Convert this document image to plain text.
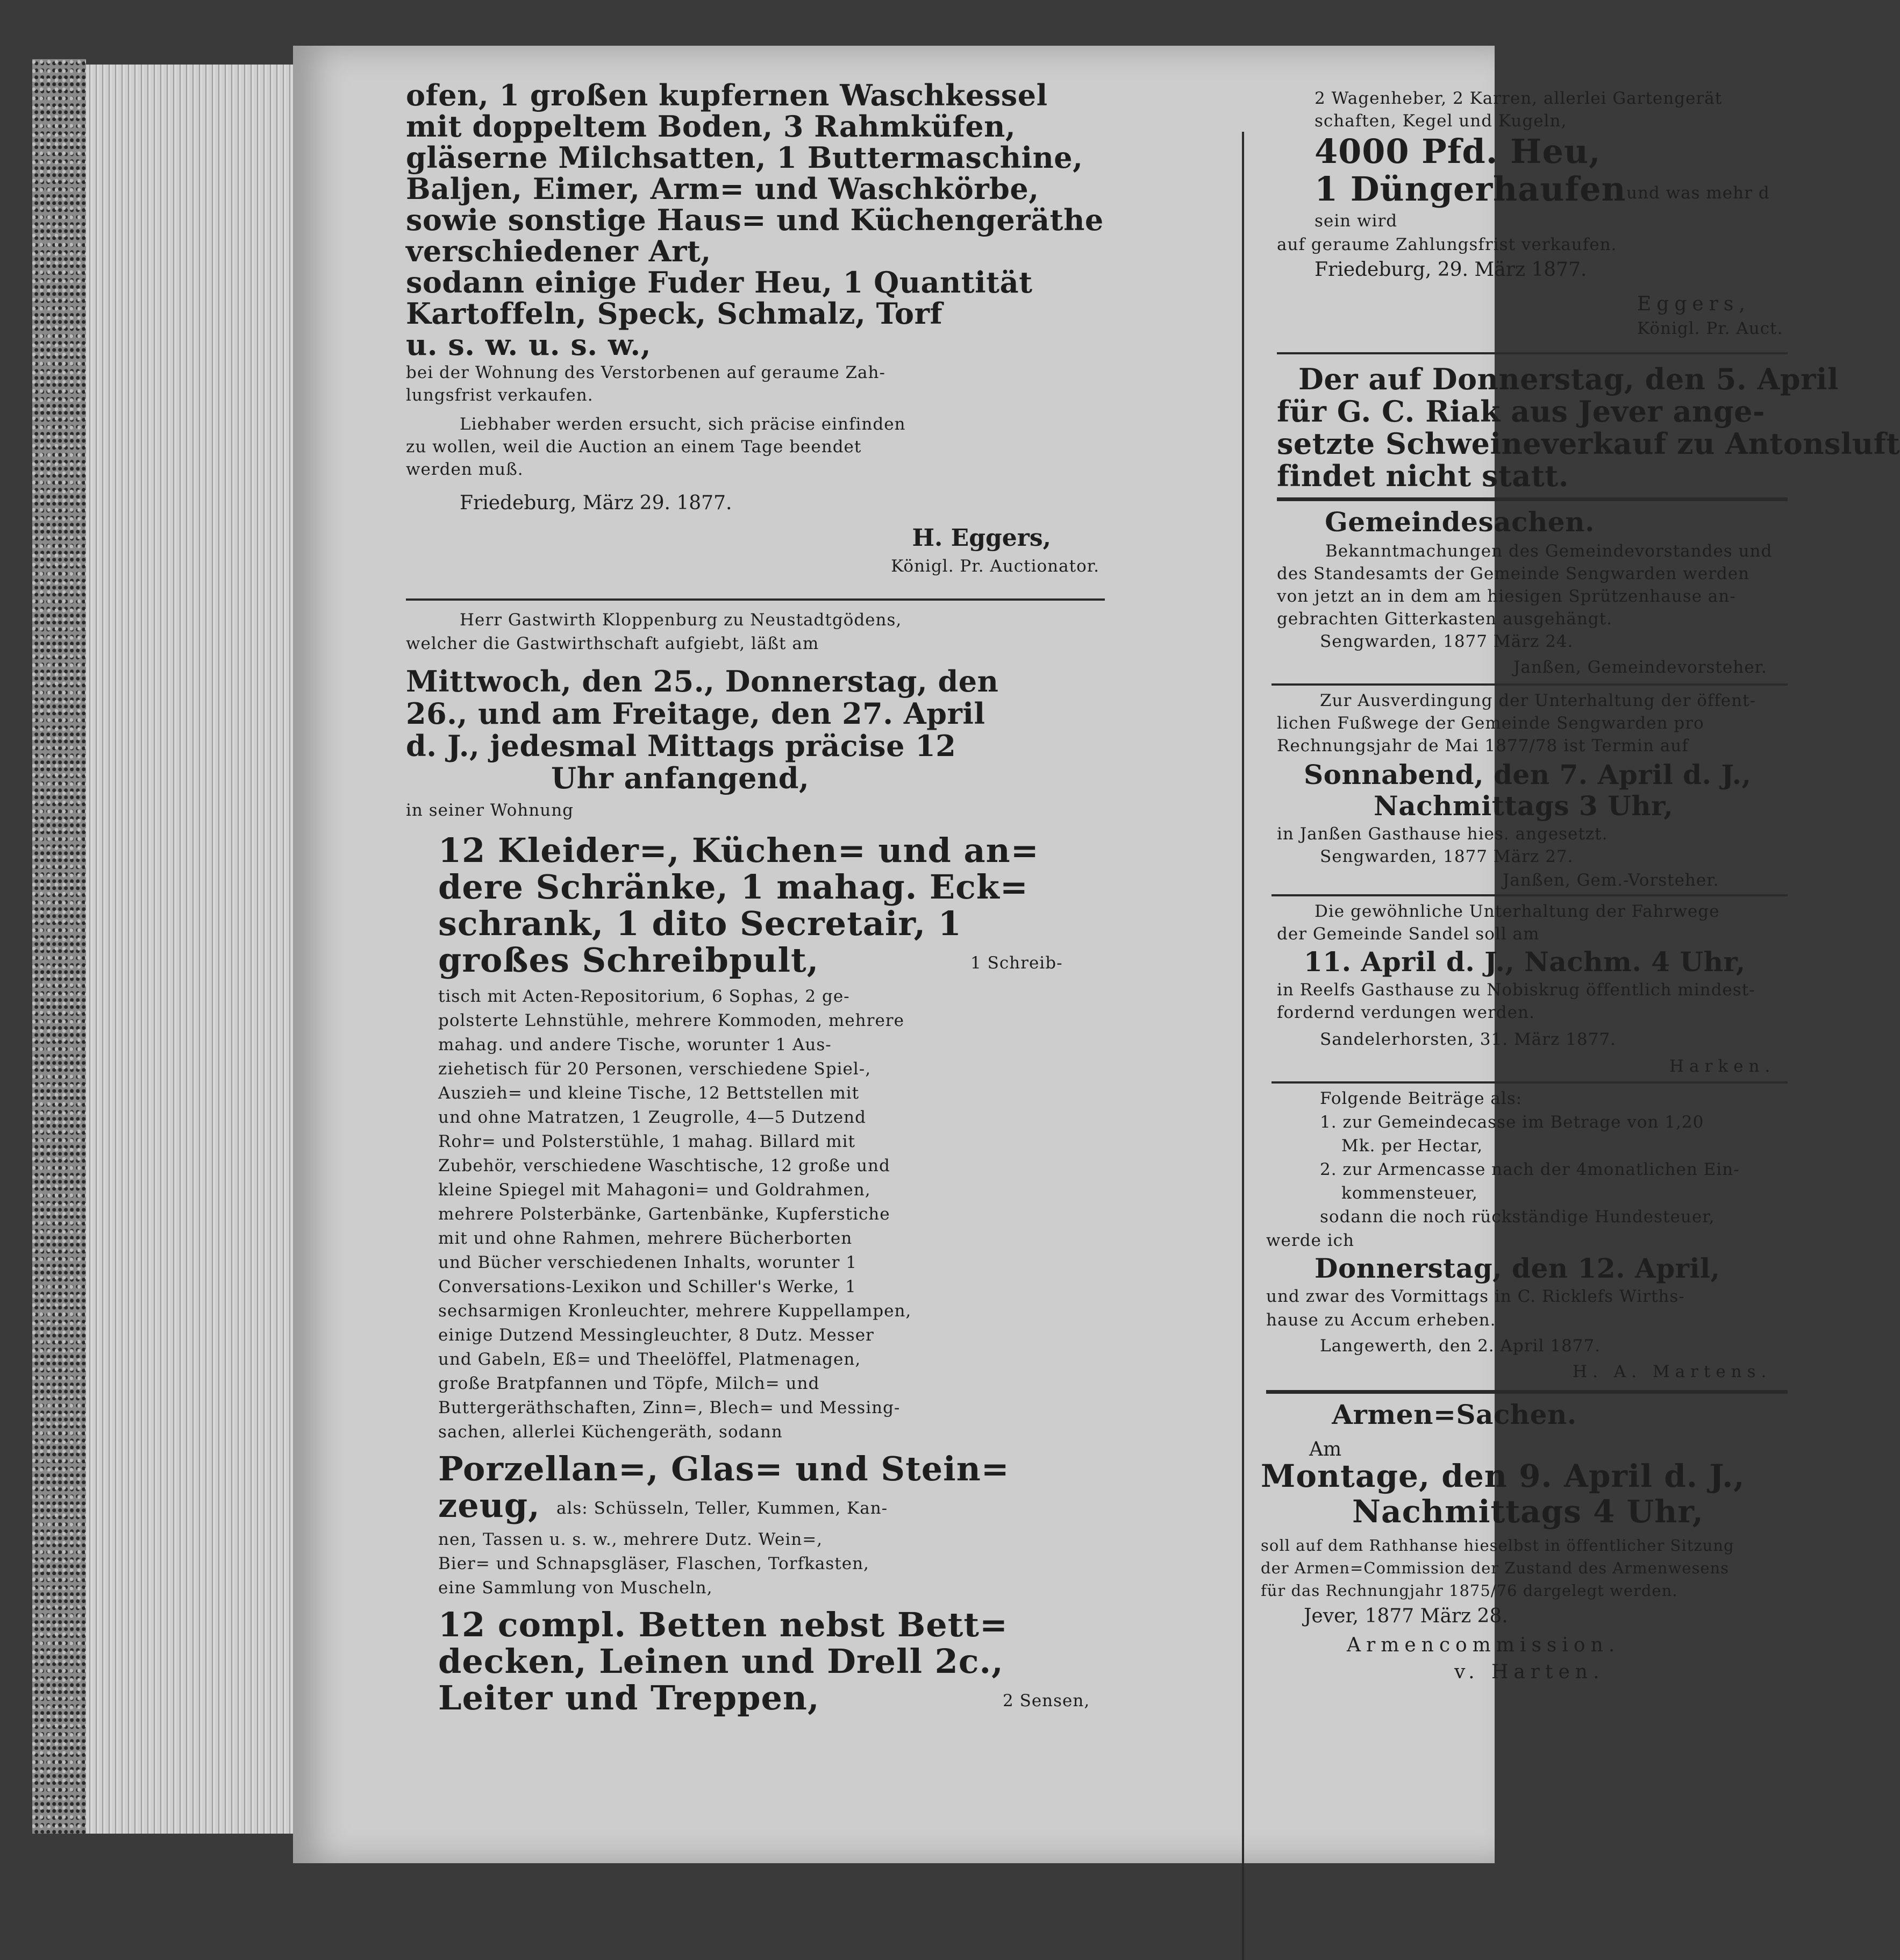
ofen, 1 großen kupfernen Waschkessel
mit doppeltem Boden, 3 Rahmküfen,
gläserne Milchsatten, 1 Buttermaschine,
Baljen, Eimer, Arm= und Waschkörbe,
sowie sonstige Haus= und Küchengeräthe
verschiedener Art,
sodann einige Fuder Heu, 1 Quantität
Kartoffeln, Speck, Schmalz, Torf
u. s. w. u. s. w.,
bei der Wohnung des Verstorbenen auf geraume Zah-
lungsfrist verkaufen.
Liebhaber werden ersucht, sich präcise einfinden
zu wollen, weil die Auction an einem Tage beendet
werden muß.
Friedeburg, März 29. 1877.
H. Eggers,
Königl. Pr. Auctionator.
Herr Gastwirth Kloppenburg zu Neustadtgödens,
welcher die Gastwirthschaft aufgiebt, läßt am
Mittwoch, den 25., Donnerstag, den
26., und am Freitage, den 27. April
d. J., jedesmal Mittags präcise 12
Uhr anfangend,
in seiner Wohnung
12 Kleider=, Küchen= und an=
dere Schränke, 1 mahag. Eck=
schrank, 1 dito Secretair, 1
großes Schreibpult,	1 Schreib-
tisch mit Acten-Repositorium, 6 Sophas, 2 ge-
polsterte Lehnstühle, mehrere Kommoden, mehrere
mahag. und andere Tische, worunter 1 Aus-
ziehetisch für 20 Personen, verschiedene Spiel-,
Auszieh= und kleine Tische, 12 Bettstellen mit
und ohne Matratzen, 1 Zeugrolle, 4—5 Dutzend
Rohr= und Polsterstühle, 1 mahag. Billard mit
Zubehör, verschiedene Waschtische, 12 große und
kleine Spiegel mit Mahagoni= und Goldrahmen,
mehrere Polsterbänke, Gartenbänke, Kupferstiche
mit und ohne Rahmen, mehrere Bücherborten
und Bücher verschiedenen Inhalts, worunter 1
Conversations-Lexikon und Schiller's Werke, 1
sechsarmigen Kronleuchter, mehrere Kuppellampen,
einige Dutzend Messingleuchter, 8 Dutz. Messer
und Gabeln, Eß= und Theelöffel, Platmenagen,
große Bratpfannen und Töpfe, Milch= und
Buttergeräthschaften, Zinn=, Blech= und Messing-
sachen, allerlei Küchengeräth, sodann
Porzellan=, Glas= und Stein=
zeug, als: Schüsseln, Teller, Kummen, Kan-
nen, Tassen u. s. w., mehrere Dutz. Wein=,
Bier= und Schnapsgläser, Flaschen, Torfkasten,
eine Sammlung von Muscheln,
12 compl. Betten nebst Bett=
decken, Leinen und Drell 2c.,
Leiter und Treppen,	2 Sensen,
2 Wagenheber, 2 Karren, allerlei Gartengerät
schaften, Kegel und Kugeln,
4000 Pfd. Heu,
1 Düngerhaufen und was mehr d
sein wird
auf geraume Zahlungsfrist verkaufen.
Friedeburg, 29. März 1877.
Eggers,
Königl. Pr. Auct.
Der auf Donnerstag, den 5. April
für G. C. Riak aus Jever ange-
setzte Schweineverkauf zu Antonsluft
findet nicht statt.
Gemeindesachen.
Bekanntmachungen des Gemeindevorstandes und
des Standesamts der Gemeinde Sengwarden werden
von jetzt an in dem am hiesigen Sprützenhause an-
gebrachten Gitterkasten ausgehängt.
Sengwarden, 1877 März 24.
Janßen, Gemeindevorsteher.
Zur Ausverdingung der Unterhaltung der öffent-
lichen Fußwege der Gemeinde Sengwarden pro
Rechnungsjahr de Mai 1877/78 ist Termin auf
Sonnabend, den 7. April d. J.,
Nachmittags 3 Uhr,
in Janßen Gasthause hies. angesetzt.
Sengwarden, 1877 März 27.
Janßen, Gem.-Vorsteher.
Die gewöhnliche Unterhaltung der Fahrwege
der Gemeinde Sandel soll am
11. April d. J., Nachm. 4 Uhr,
in Reelfs Gasthause zu Nobiskrug öffentlich mindest-
fordernd verdungen werden.
Sandelerhorsten, 31. März 1877.
Harken.
Folgende Beiträge als:
1. zur Gemeindecasse im Betrage von 1,20
Mk. per Hectar,
2. zur Armencasse nach der 4monatlichen Ein-
kommensteuer,
sodann die noch rückständige Hundesteuer,
werde ich
Donnerstag, den 12. April,
und zwar des Vormittags in C. Ricklefs Wirths-
hause zu Accum erheben.
Langewerth, den 2. April 1877.
H. A. Martens.
Armen=Sachen.
Am
Montage, den 9. April d. J.,
Nachmittags 4 Uhr,
soll auf dem Rathhanse hieselbst in öffentlicher Sitzung
der Armen=Commission der Zustand des Armenwesens
für das Rechnungjahr 1875/76 dargelegt werden.
Jever, 1877 März 28.
Armencommission.
v. Harten.
